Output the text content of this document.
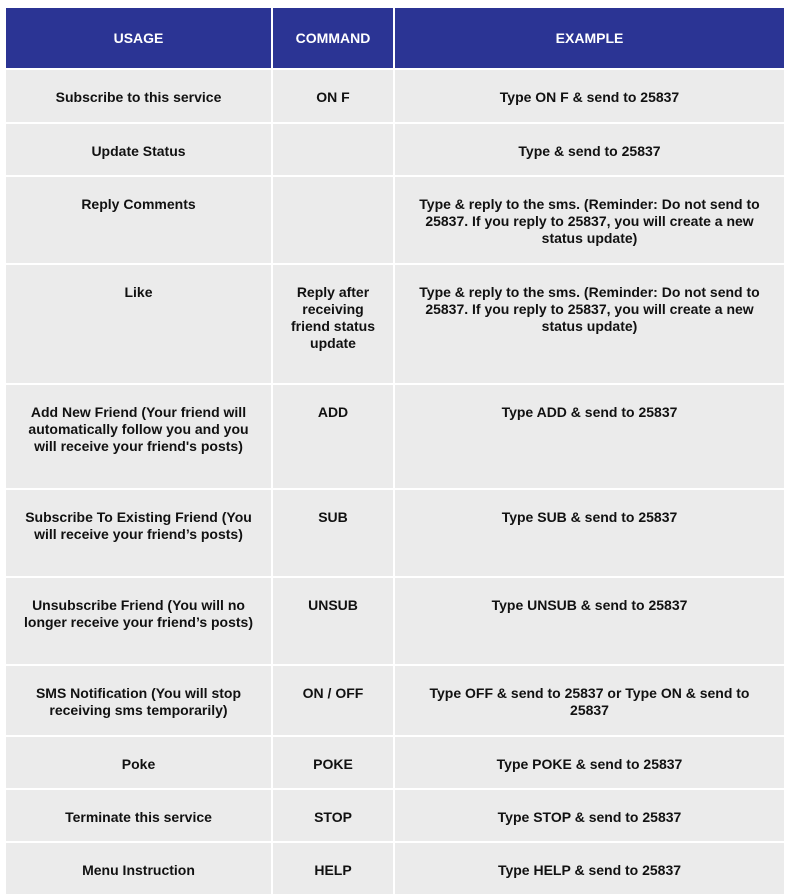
USAGE	COMMAND	EXAMPLE
Subscribe to this service	ON F	Type ON F & send to 25837
Update Status		Type & send to 25837
Reply Comments		Type & reply to the sms. (Reminder: Do not send to 25837. If you reply to 25837, you will create a new status update)
Like	Reply after receiving friend status update	Type & reply to the sms. (Reminder: Do not send to 25837. If you reply to 25837, you will create a new status update)
Add New Friend (Your friend will automatically follow you and you will receive your friend's posts)	ADD	Type ADD & send to 25837
Subscribe To Existing Friend (You will receive your friend’s posts)	SUB	Type SUB & send to 25837
Unsubscribe Friend (You will no longer receive your friend’s posts)	UNSUB	Type UNSUB & send to 25837
SMS Notification (You will stop receiving sms temporarily)	ON / OFF	Type OFF & send to 25837 or Type ON & send to 25837
Poke	POKE	Type POKE & send to 25837
Terminate this service	STOP	Type STOP & send to 25837
Menu Instruction	HELP	Type HELP & send to 25837
